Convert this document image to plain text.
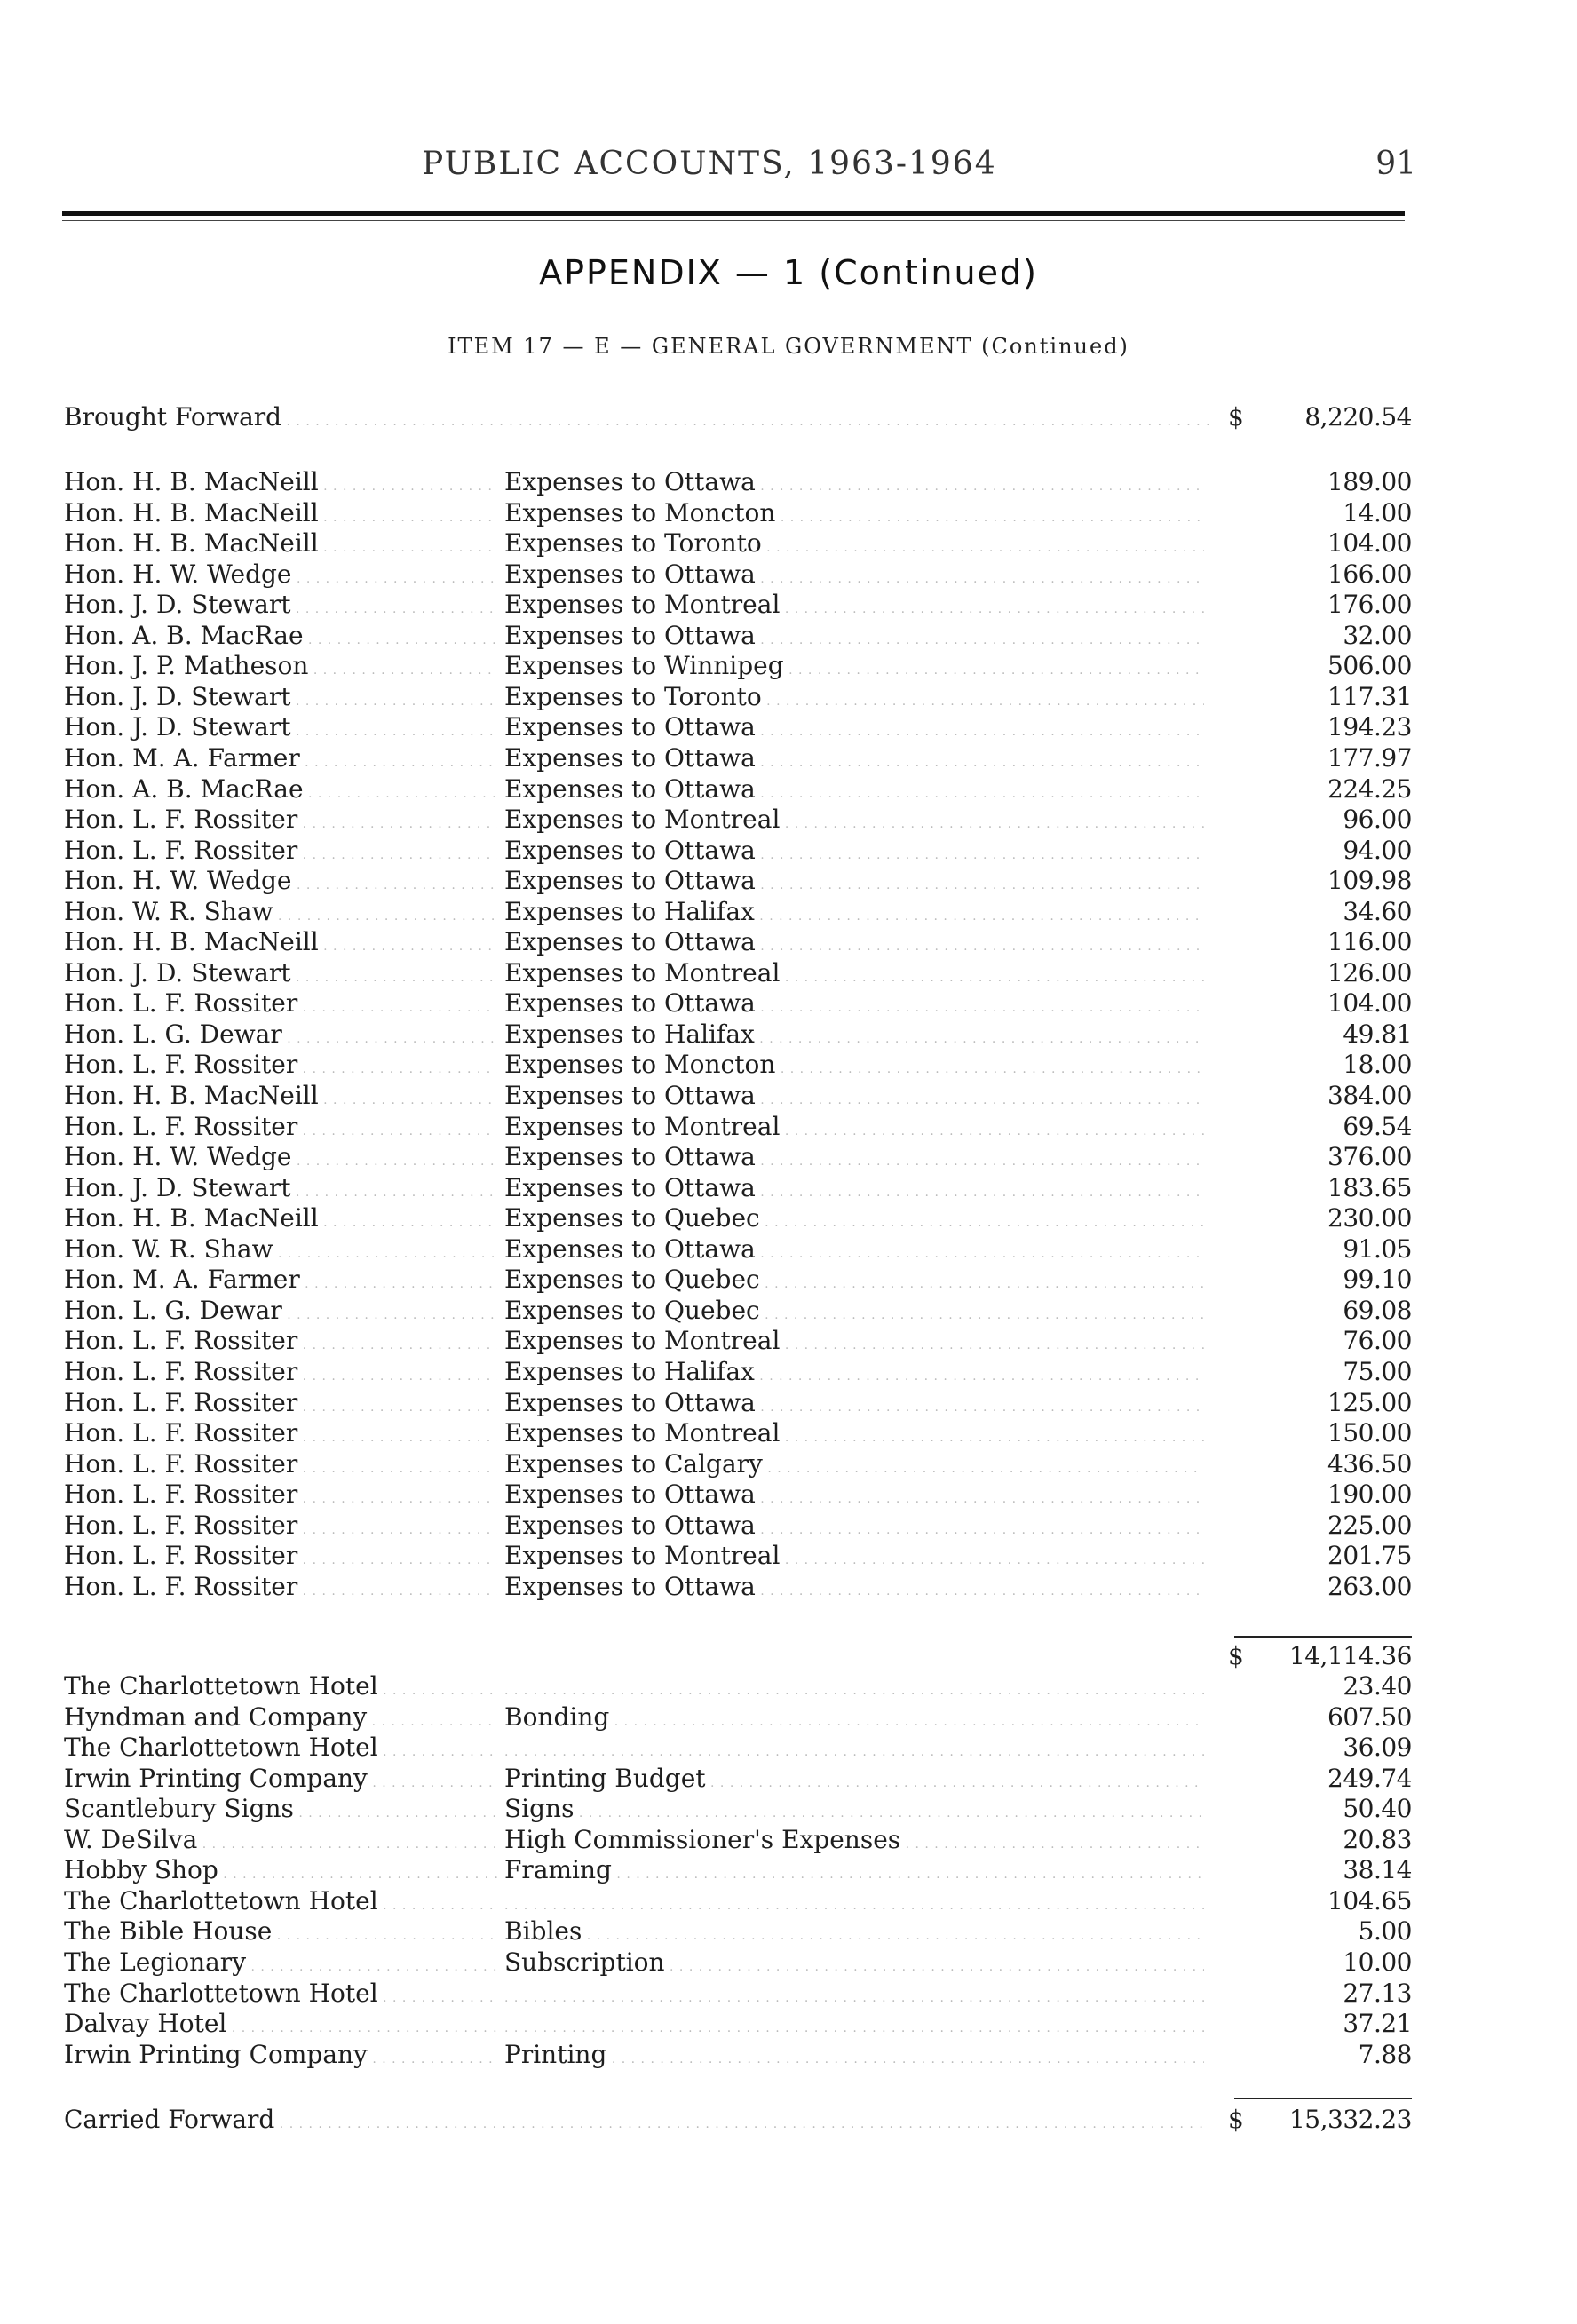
PUBLIC ACCOUNTS, 1963-1964	91
APPENDIX — 1 (Continued)
ITEM 17 — E — GENERAL GOVERNMENT (Continued)
Brought Forward . . .	$ 8,220.54
Hon. H. B. MacNeill . . .	Expenses to Ottawa . . .	189.00
Hon. H. B. MacNeill . . .	Expenses to Moncton . . .	14.00
Hon. H. B. MacNeill . . .	Expenses to Toronto . . .	104.00
Hon. H. W. Wedge . . .	Expenses to Ottawa . . .	166.00
Hon. J. D. Stewart . . .	Expenses to Montreal . . .	176.00
Hon. A. B. MacRae . . .	Expenses to Ottawa . . .	32.00
Hon. J. P. Matheson . . .	Expenses to Winnipeg . . .	506.00
Hon. J. D. Stewart . . .	Expenses to Toronto . . .	117.31
Hon. J. D. Stewart . . .	Expenses to Ottawa . . .	194.23
Hon. M. A. Farmer . . .	Expenses to Ottawa . . .	177.97
Hon. A. B. MacRae . . .	Expenses to Ottawa . . .	224.25
Hon. L. F. Rossiter . . .	Expenses to Montreal . . .	96.00
Hon. L. F. Rossiter . . .	Expenses to Ottawa . . .	94.00
Hon. H. W. Wedge . . .	Expenses to Ottawa . . .	109.98
Hon. W. R. Shaw . . .	Expenses to Halifax . . .	34.60
Hon. H. B. MacNeill . . .	Expenses to Ottawa . . .	116.00
Hon. J. D. Stewart . . .	Expenses to Montreal . . .	126.00
Hon. L. F. Rossiter . . .	Expenses to Ottawa . . .	104.00
Hon. L. G. Dewar . . .	Expenses to Halifax . . .	49.81
Hon. L. F. Rossiter . . .	Expenses to Moncton . . .	18.00
Hon. H. B. MacNeill . . .	Expenses to Ottawa . . .	384.00
Hon. L. F. Rossiter . . .	Expenses to Montreal . . .	69.54
Hon. H. W. Wedge . . .	Expenses to Ottawa . . .	376.00
Hon. J. D. Stewart . . .	Expenses to Ottawa . . .	183.65
Hon. H. B. MacNeill . . .	Expenses to Quebec . . .	230.00
Hon. W. R. Shaw . . .	Expenses to Ottawa . . .	91.05
Hon. M. A. Farmer . . .	Expenses to Quebec . . .	99.10
Hon. L. G. Dewar . . .	Expenses to Quebec . . .	69.08
Hon. L. F. Rossiter . . .	Expenses to Montreal . . .	76.00
Hon. L. F. Rossiter . . .	Expenses to Halifax . . .	75.00
Hon. L. F. Rossiter . . .	Expenses to Ottawa . . .	125.00
Hon. L. F. Rossiter . . .	Expenses to Montreal . . .	150.00
Hon. L. F. Rossiter . . .	Expenses to Calgary . . .	436.50
Hon. L. F. Rossiter . . .	Expenses to Ottawa . . .	190.00
Hon. L. F. Rossiter . . .	Expenses to Ottawa . . .	225.00
Hon. L. F. Rossiter . . .	Expenses to Montreal . . .	201.75
Hon. L. F. Rossiter . . .	Expenses to Ottawa . . .	263.00
$ 14,114.36
The Charlottetown Hotel . . . . . .	23.40
Hyndman and Company . . .	Bonding . . .	607.50
The Charlottetown Hotel . . . . . .	36.09
Irwin Printing Company . . .	Printing Budget . . .	249.74
Scantlebury Signs . . .	Signs . . .	50.40
W. DeSilva . . .	High Commissioner's Expenses . . .	20.83
Hobby Shop . . .	Framing . . .	38.14
The Charlottetown Hotel . . . . . .	104.65
The Bible House . . .	Bibles . . .	5.00
The Legionary . . .	Subscription . . .	10.00
The Charlottetown Hotel . . . . . .	27.13
Dalvay Hotel . . . . . .	37.21
Irwin Printing Company . . .	Printing . . .	7.88
Carried Forward . . .	$ 15,332.23
